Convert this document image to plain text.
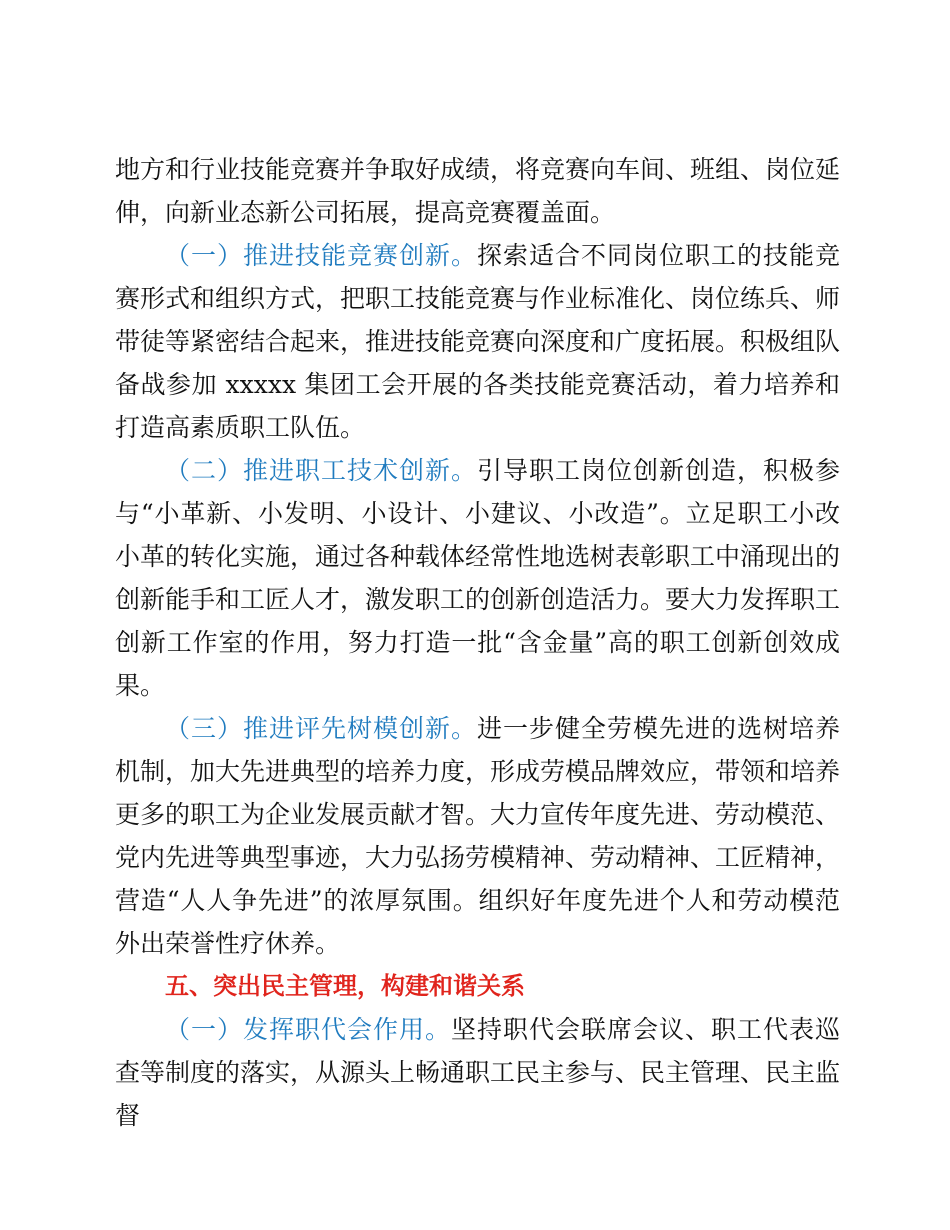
地方和行业技能竞赛并争取好成绩，将竞赛向车间、班组、岗位延伸，向新业态新公司拓展，提高竞赛覆盖面。

（一）推进技能竞赛创新。探索适合不同岗位职工的技能竞赛形式和组织方式，把职工技能竞赛与作业标准化、岗位练兵、师带徒等紧密结合起来，推进技能竞赛向深度和广度拓展。积极组队备战参加 xxxxx 集团工会开展的各类技能竞赛活动，着力培养和打造高素质职工队伍。

（二）推进职工技术创新。引导职工岗位创新创造，积极参与“小革新、小发明、小设计、小建议、小改造”。立足职工小改小革的转化实施，通过各种载体经常性地选树表彰职工中涌现出的创新能手和工匠人才，激发职工的创新创造活力。要大力发挥职工创新工作室的作用，努力打造一批“含金量”高的职工创新创效成果。

（三）推进评先树模创新。进一步健全劳模先进的选树培养机制，加大先进典型的培养力度，形成劳模品牌效应，带领和培养更多的职工为企业发展贡献才智。大力宣传年度先进、劳动模范、党内先进等典型事迹，大力弘扬劳模精神、劳动精神、工匠精神，营造“人人争先进”的浓厚氛围。组织好年度先进个人和劳动模范外出荣誉性疗休养。

五、突出民主管理，构建和谐关系

（一）发挥职代会作用。坚持职代会联席会议、职工代表巡查等制度的落实，从源头上畅通职工民主参与、民主管理、民主监督
